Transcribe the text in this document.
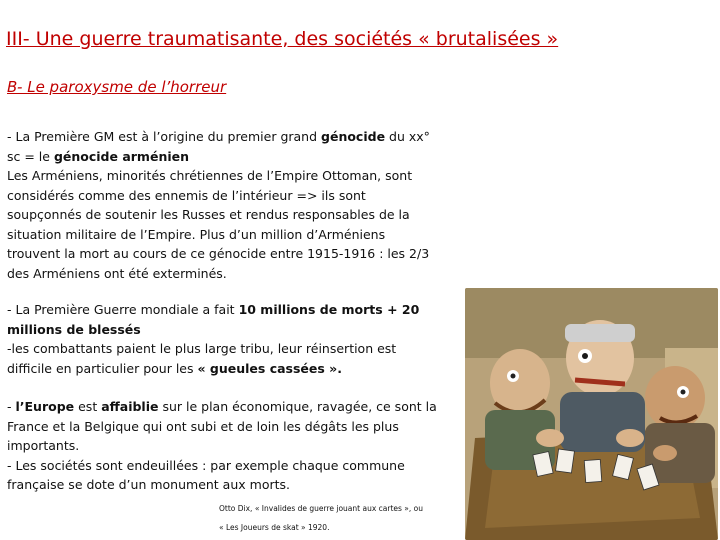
III- Une guerre traumatisante, des sociétés « brutalisées »
B- Le paroxysme de l’horreur
- La Première GM est à l’origine du premier grand génocide du xx° sc = le génocide arménien
Les Arméniens, minorités chrétiennes de l’Empire Ottoman, sont considérés comme des ennemis de l’intérieur => ils sont soupçonnés de soutenir les Russes et rendus responsables de la situation militaire de l’Empire. Plus d’un million d’Arméniens trouvent la mort au cours de ce génocide entre 1915-1916 : les 2/3 des Arméniens ont été exterminés.
- La Première Guerre mondiale a fait 10 millions de morts + 20 millions de blessés
-les combattants paient le plus large tribu, leur réinsertion est difficile en particulier pour les « gueules cassées ».
- l’Europe est affaiblie sur le plan économique, ravagée, ce sont la France et la Belgique qui ont subi et de loin les dégâts les plus importants.
- Les sociétés sont endeuillées : par exemple chaque commune française se dote d’un monument aux morts.
Otto Dix, « Invalides de guerre jouant aux cartes », ou
« Les Joueurs de skat » 1920.
